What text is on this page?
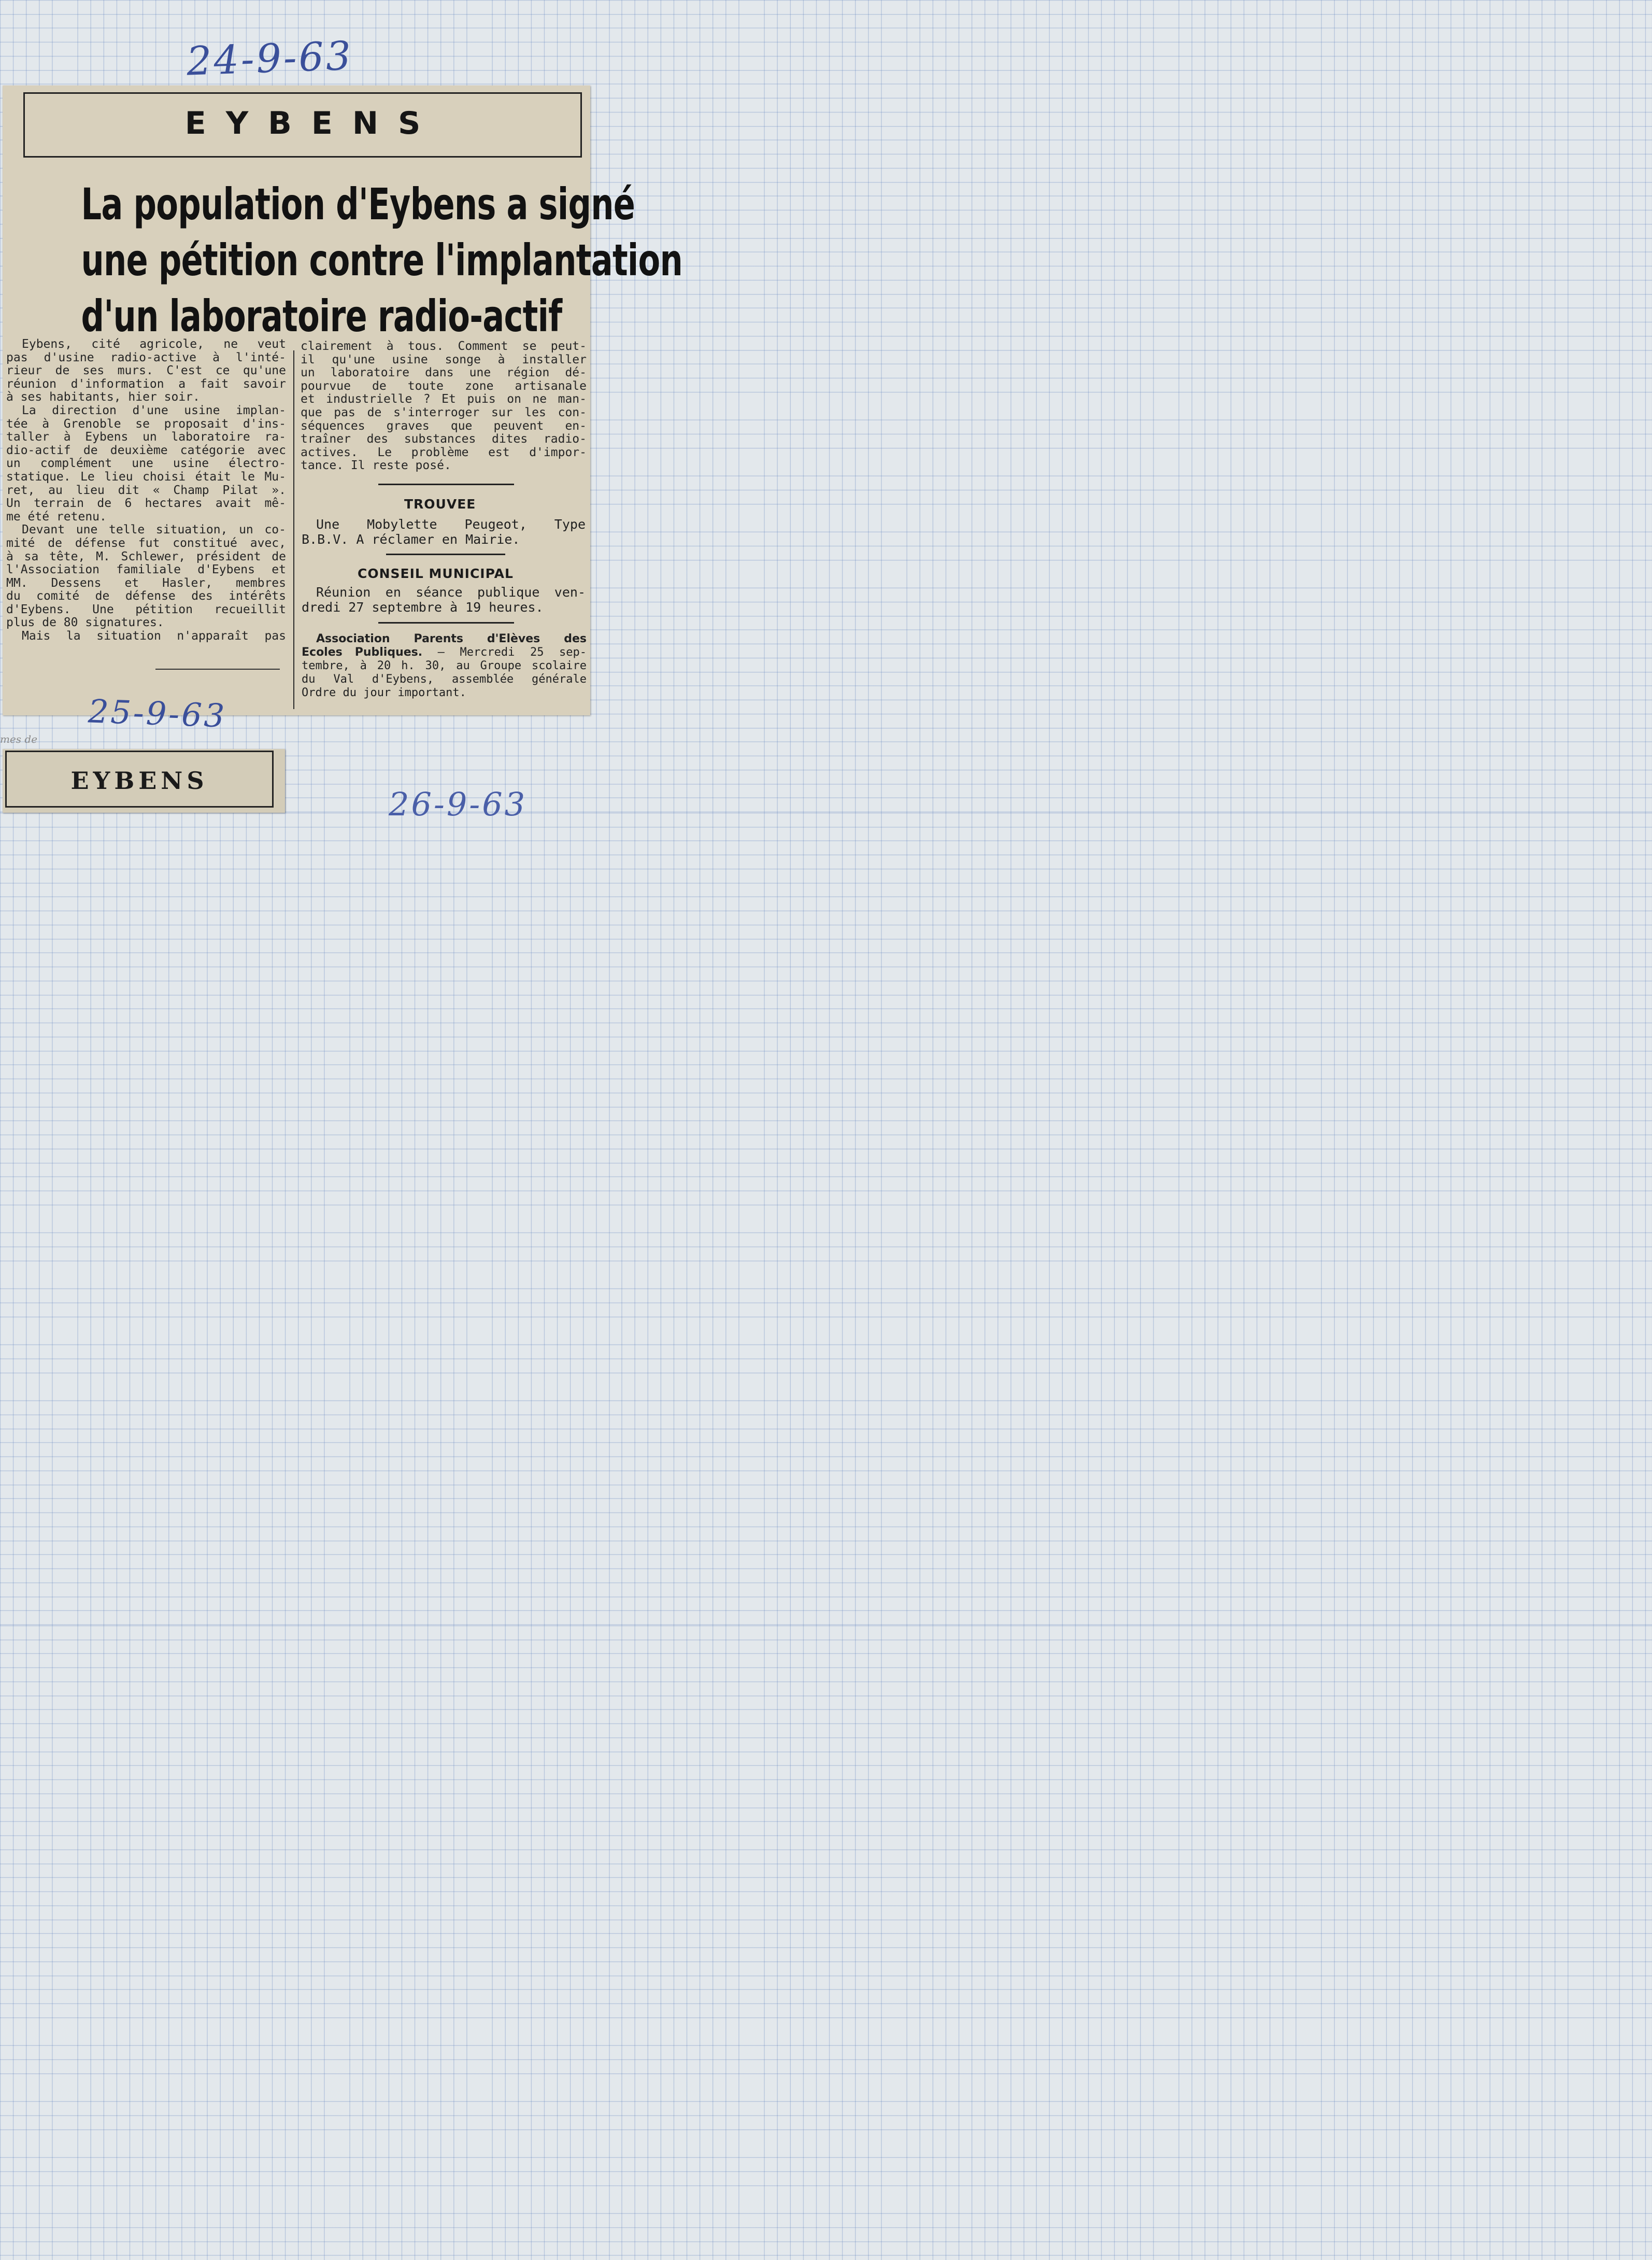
24-9-63
EYBENS
La population d'Eybens a signé
une pétition contre l'implantation
d'un laboratoire radio-actif
Eybens, cité agricole, ne veut
pas d'usine radio-active à l'inté-
rieur de ses murs. C'est ce qu'une
réunion d'information a fait savoir
à ses habitants, hier soir.
La direction d'une usine implan-
tée à Grenoble se proposait d'ins-
taller à Eybens un laboratoire ra-
dio-actif de deuxième catégorie avec
un complément une usine électro-
statique. Le lieu choisi était le Mu-
ret, au lieu dit « Champ Pilat ».
Un terrain de 6 hectares avait mê-
me été retenu.
Devant une telle situation, un co-
mité de défense fut constitué avec,
à sa tête, M. Schlewer, président de
l'Association familiale d'Eybens et
MM. Dessens et Hasler, membres
du comité de défense des intérêts
d'Eybens. Une pétition recueillit
plus de 80 signatures.
Mais la situation n'apparaît pas
clairement à tous. Comment se peut-
il qu'une usine songe à installer
un laboratoire dans une région dé-
pourvue de toute zone artisanale
et industrielle ? Et puis on ne man-
que pas de s'interroger sur les con-
séquences graves que peuvent en-
traîner des substances dites radio-
actives. Le problème est d'impor-
tance. Il reste posé.
TROUVEE
Une Mobylette Peugeot, Type
B.B.V. A réclamer en Mairie.
CONSEIL MUNICIPAL
Réunion en séance publique ven-
dredi 27 septembre à 19 heures.
Association Parents d'Elèves des
Ecoles Publiques. — Mercredi 25 sep-
tembre, à 20 h. 30, au Groupe scolaire
du Val d'Eybens, assemblée générale
Ordre du jour important.
25-9-63
mes de
EYBENS
26-9-63
